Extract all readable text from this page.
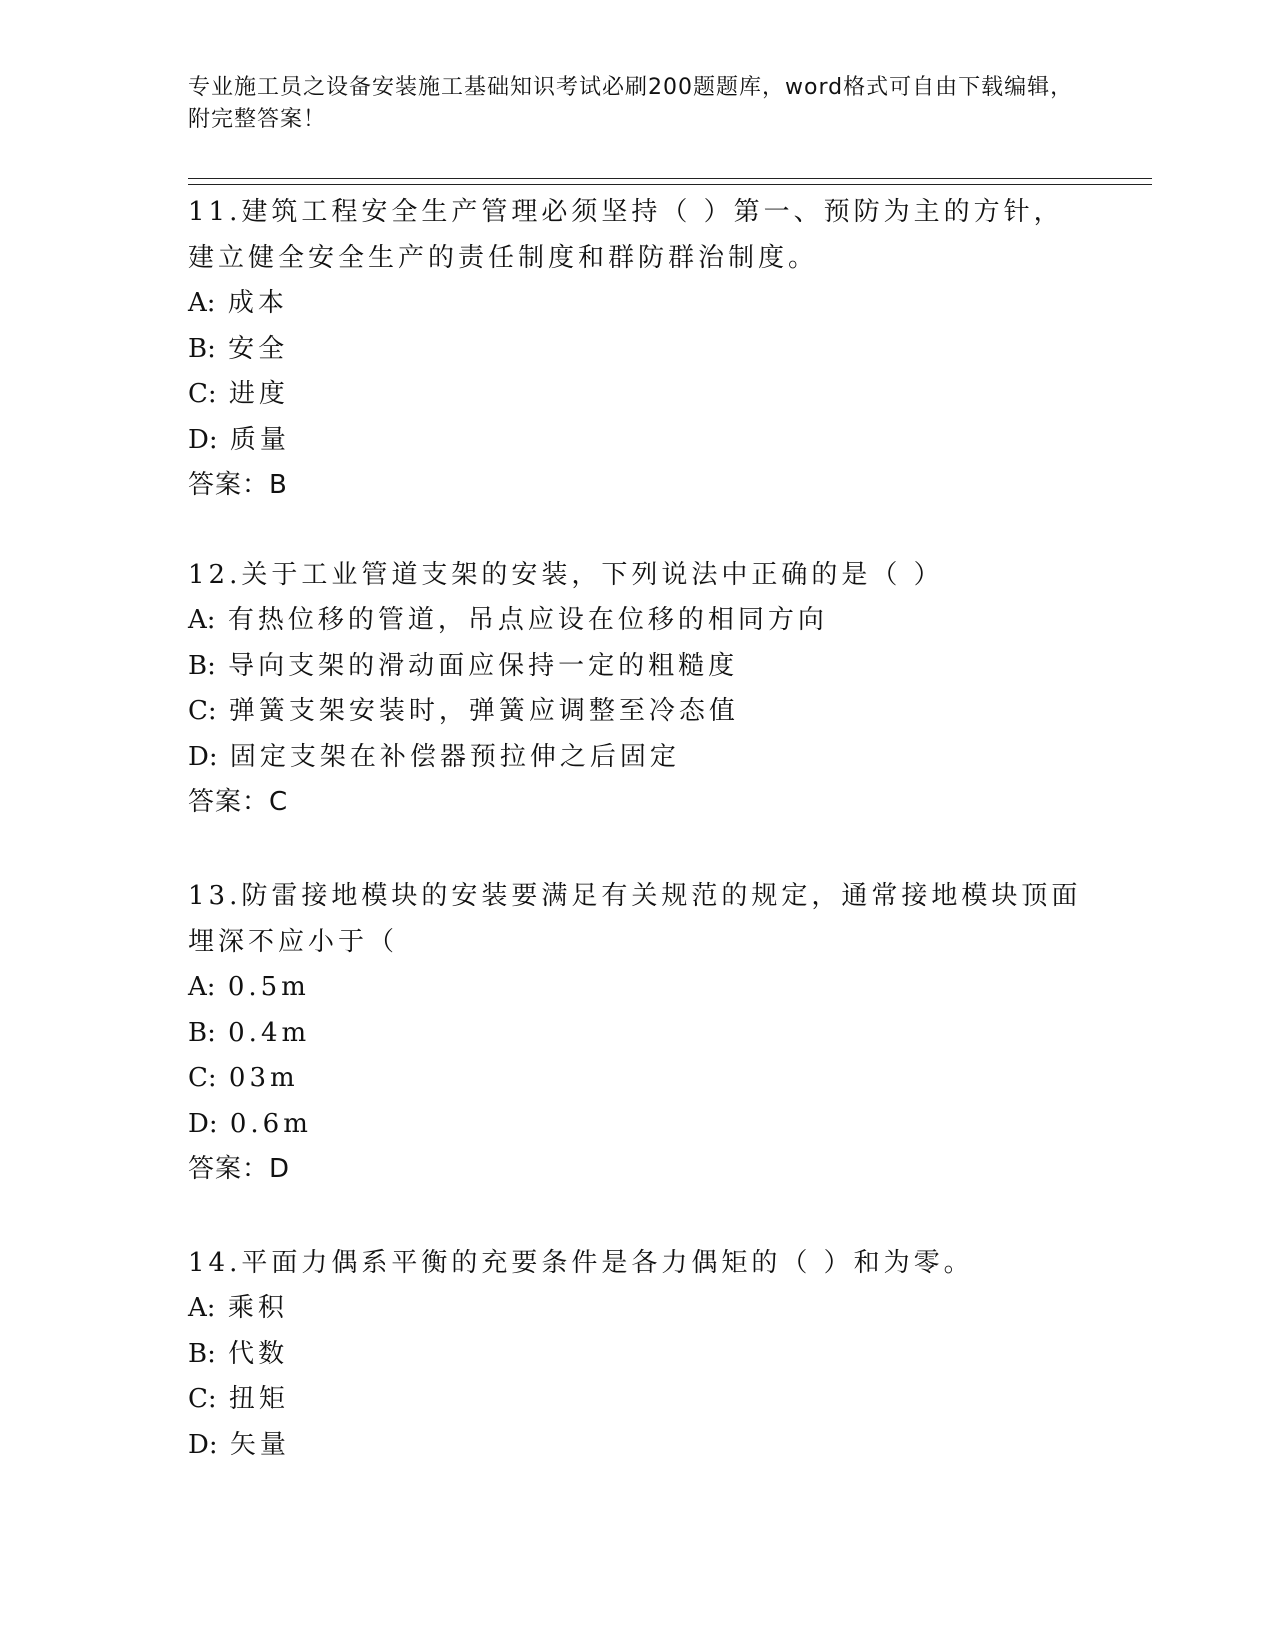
专业施工员之设备安装施工基础知识考试必刷200题题库，word格式可自由下载编辑，附完整答案！

11.建筑工程安全生产管理必须坚持（ ）第一、预防为主的方针，建立健全安全生产的责任制度和群防群治制度。

A: 成本

B: 安全

C: 进度

D: 质量

答案：B

12.关于工业管道支架的安装，下列说法中正确的是（ ）

A: 有热位移的管道，吊点应设在位移的相同方向

B: 导向支架的滑动面应保持一定的粗糙度

C: 弹簧支架安装时，弹簧应调整至冷态值

D: 固定支架在补偿器预拉伸之后固定

答案：C

13.防雷接地模块的安装要满足有关规范的规定，通常接地模块顶面埋深不应小于（

A: 0.5m

B: 0.4m

C: 03m

D: 0.6m

答案：D

14.平面力偶系平衡的充要条件是各力偶矩的（ ）和为零。

A: 乘积

B: 代数

C: 扭矩

D: 矢量
